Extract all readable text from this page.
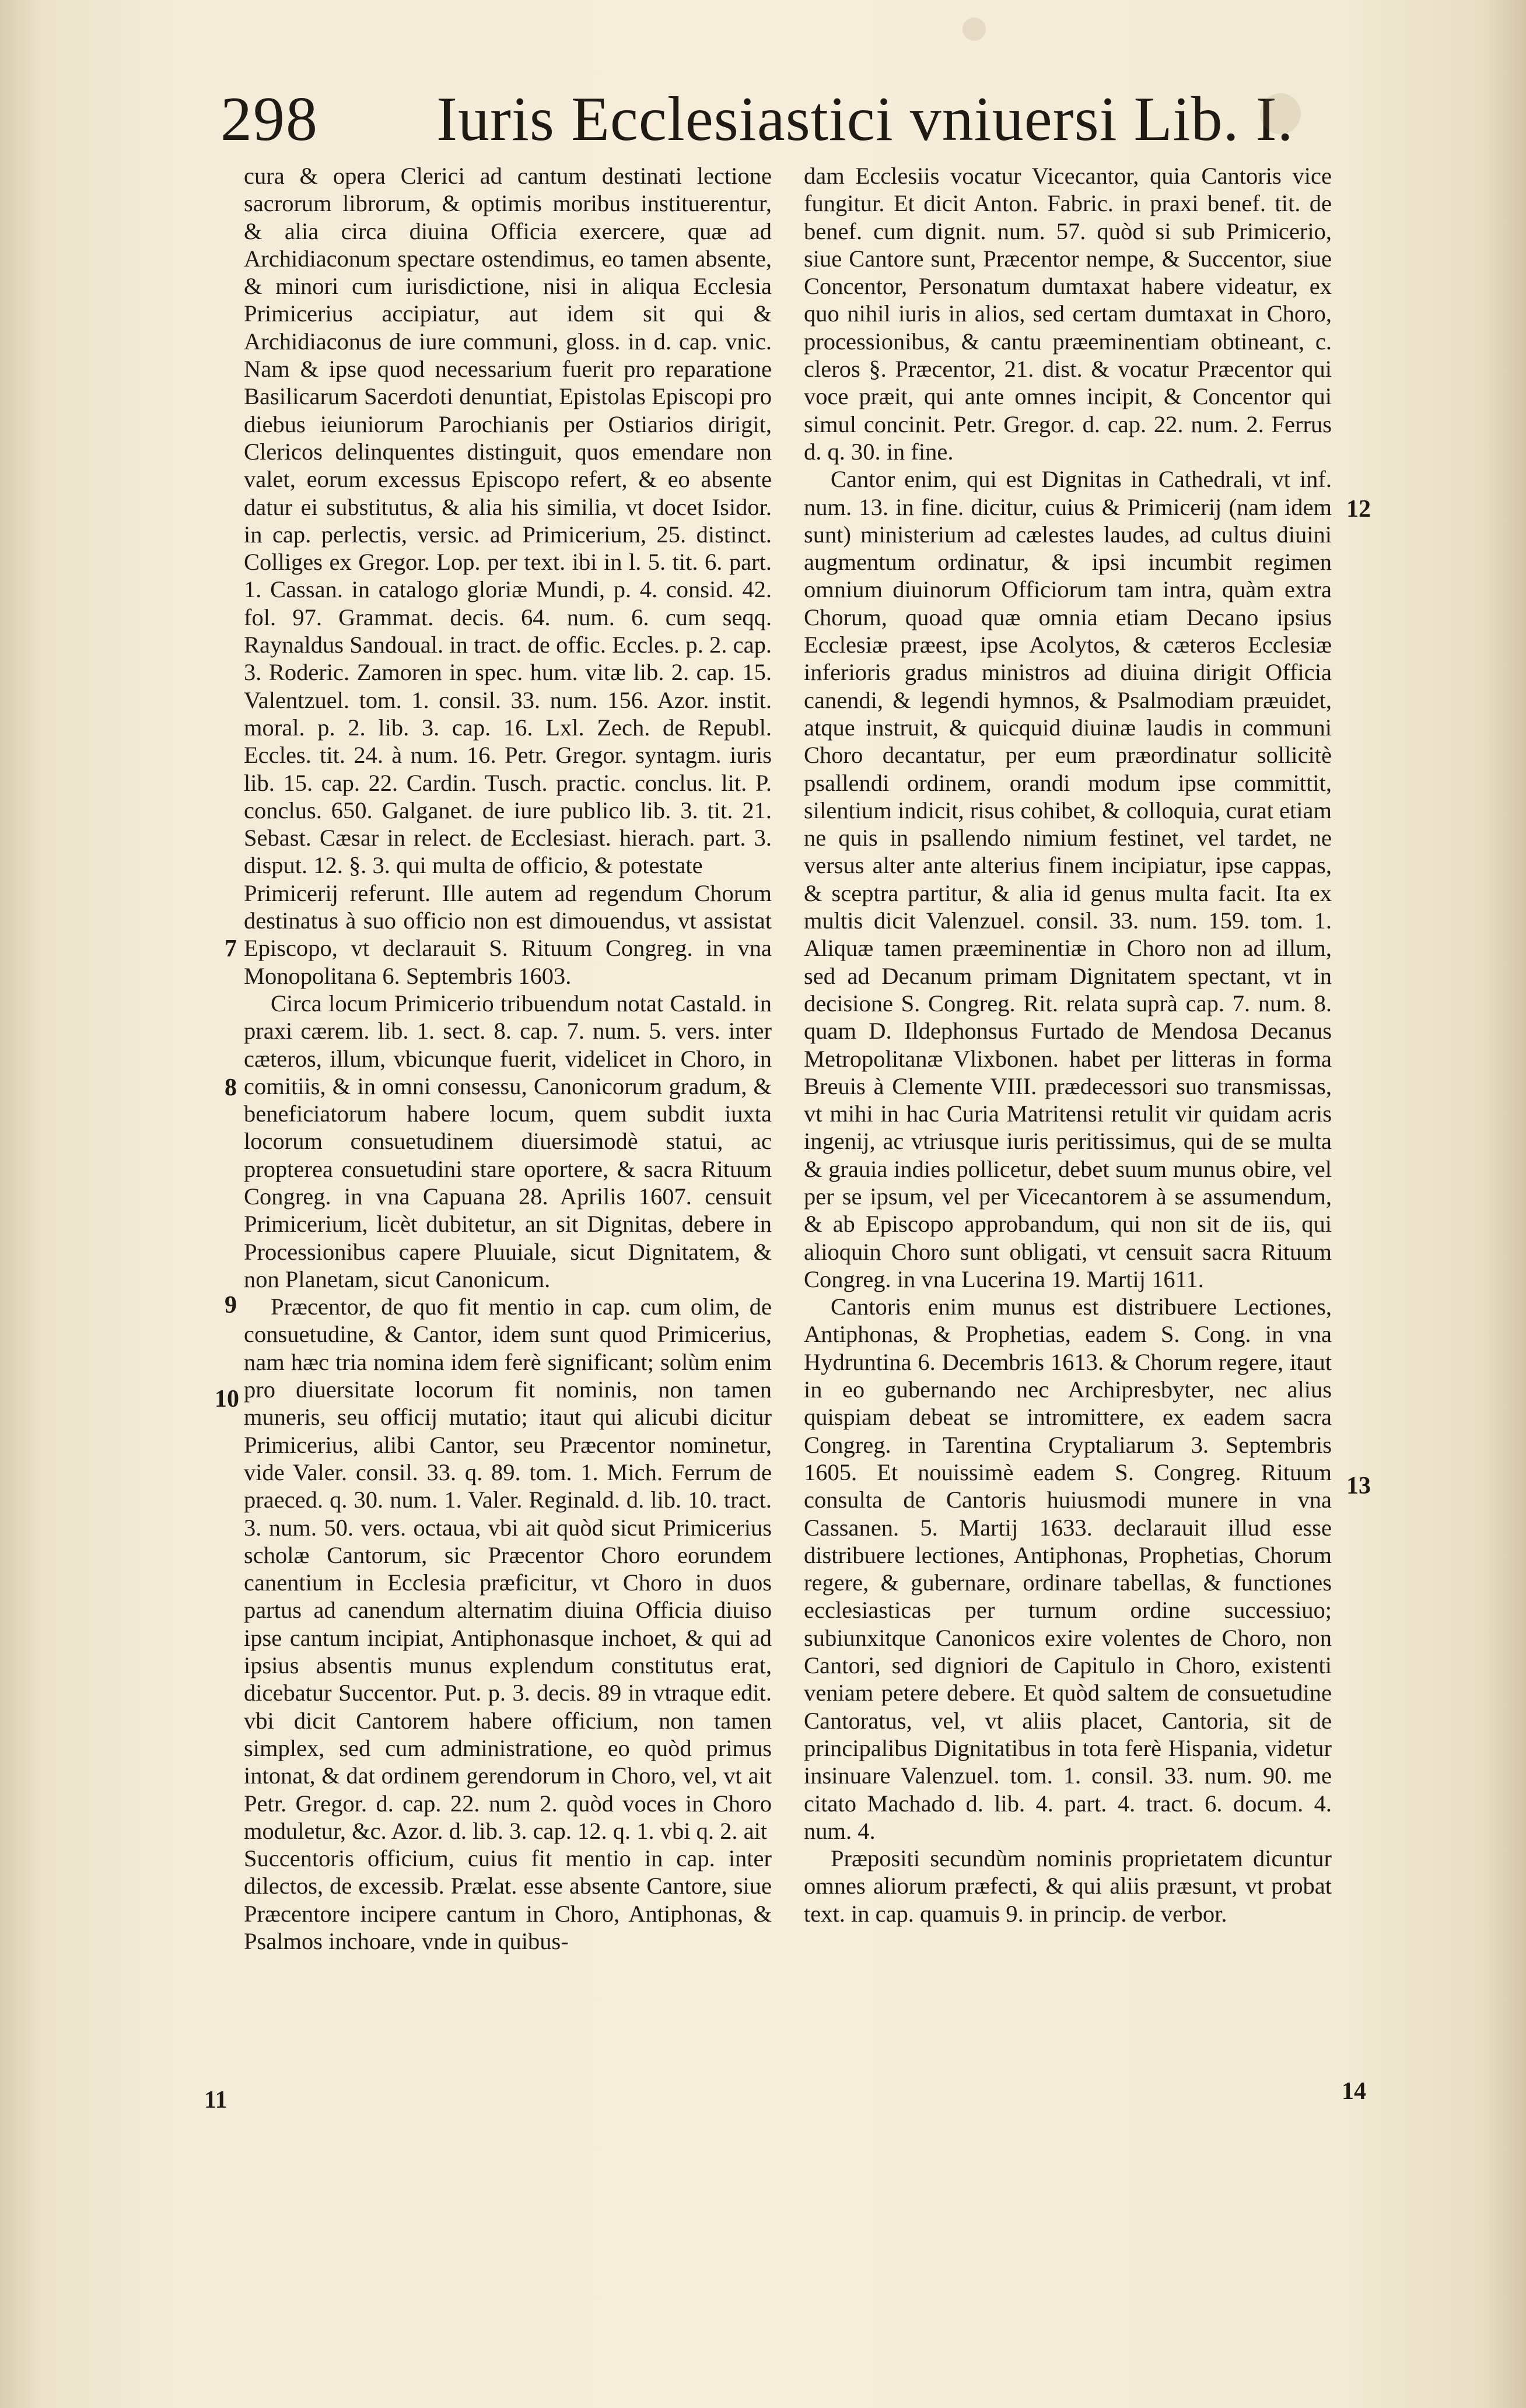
298 Iuris Ecclesiastici vniuersi Lib. I.

cura & opera Clerici ad cantum destinati lectione sacrorum librorum, & optimis moribus instituerentur, & alia circa diuina Officia exercere, quæ ad Archidiaconum spectare ostendimus, eo tamen absente, & minori cum iurisdictione, nisi in aliqua Ecclesia Primicerius accipiatur, aut idem sit qui & Archidiaconus de iure communi, gloss. in d. cap. vnic. Nam & ipse quod necessarium fuerit pro reparatione Basilicarum Sacerdoti denuntiat, Epistolas Episcopi pro diebus ieiuniorum Parochianis per Ostiarios dirigit, Clericos delinquentes distinguit, quos emendare non valet, eorum excessus Episcopo refert, & eo absente datur ei substitutus, & alia his similia, vt docet Isidor. in cap. perlectis, versic. ad Primicerium, 25. distinct. Colliges ex Gregor. Lop. per text. ibi in l. 5. tit. 6. part. 1. Cassan. in catalogo gloriæ Mundi, p. 4. consid. 42. fol. 97. Grammat. decis. 64. num. 6. cum seqq. Raynaldus Sandoual. in tract. de offic. Eccles. p. 2. cap. 3. Roderic. Zamoren in spec. hum. vitæ lib. 2. cap. 15. Valentzuel. tom. 1. consil. 33. num. 156. Azor. instit. moral. p. 2. lib. 3. cap. 16. Lxl. Zech. de Republ. Eccles. tit. 24. à num. 16. Petr. Gregor. syntagm. iuris lib. 15. cap. 22. Cardin. Tusch. practic. conclus. lit. P. conclus. 650. Galganet. de iure publico lib. 3. tit. 21. Sebast. Cæsar in relect. de Ecclesiast. hierach. part. 3. disput. 12. §. 3. qui multa de officio, & potestate

Primicerij referunt. Ille autem ad regendum Chorum destinatus à suo officio non est dimouendus, vt assistat Episcopo, vt declarauit S. Rituum Congreg. in vna Monopolitana 6. Septembris 1603.

Circa locum Primicerio tribuendum notat Castald. in praxi cærem. lib. 1. sect. 8. cap. 7. num. 5. vers. inter cæteros, illum, vbicunque fuerit, videlicet in Choro, in comitiis, & in omni consessu, Canonicorum gradum, & beneficiatorum habere locum, quem subdit iuxta locorum consuetudinem diuersimodè statui, ac propterea consuetudini stare oportere, & sacra Rituum Congreg. in vna Capuana 28. Aprilis 1607. censuit Primicerium, licèt dubitetur, an sit Dignitas, debere in Processionibus capere Pluuiale, sicut Dignitatem, & non Planetam, sicut Canonicum.

Præcentor, de quo fit mentio in cap. cum olim, de consuetudine, & Cantor, idem sunt quod Primicerius, nam hæc tria nomina idem ferè significant; solùm enim pro diuersitate locorum fit nominis, non tamen muneris, seu officij mutatio; itaut qui alicubi dicitur Primicerius, alibi Cantor, seu Præcentor nominetur, vide Valer. consil. 33. q. 89. tom. 1. Mich. Ferrum de praeced. q. 30. num. 1. Valer. Reginald. d. lib. 10. tract. 3. num. 50. vers. octaua, vbi ait quòd sicut Primicerius scholæ Cantorum, sic Præcentor Choro eorundem canentium in Ecclesia præficitur, vt Choro in duos partus ad canendum alternatim diuina Officia diuiso ipse cantum incipiat, Antiphonasque inchoet, & qui ad ipsius absentis munus explendum constitutus erat, dicebatur Succentor. Put. p. 3. decis. 89 in vtraque edit. vbi dicit Cantorem habere officium, non tamen simplex, sed cum administratione, eo quòd primus intonat, & dat ordinem gerendorum in Choro, vel, vt ait Petr. Gregor. d. cap. 22. num 2. quòd voces in Choro moduletur, &c. Azor. d. lib. 3. cap. 12. q. 1. vbi q. 2. ait

Succentoris officium, cuius fit mentio in cap. inter dilectos, de excessib. Prælat. esse absente Cantore, siue Præcentore incipere cantum in Choro, Antiphonas, & Psalmos inchoare, vnde in quibus-

dam Ecclesiis vocatur Vicecantor, quia Cantoris vice fungitur. Et dicit Anton. Fabric. in praxi benef. tit. de benef. cum dignit. num. 57. quòd si sub Primicerio, siue Cantore sunt, Præcentor nempe, & Succentor, siue Concentor, Personatum dumtaxat habere videatur, ex quo nihil iuris in alios, sed certam dumtaxat in Choro, processionibus, & cantu præeminentiam obtineant, c. cleros §. Præcentor, 21. dist. & vocatur Præcentor qui voce præit, qui ante omnes incipit, & Concentor qui simul concinit. Petr. Gregor. d. cap. 22. num. 2. Ferrus d. q. 30. in fine.

Cantor enim, qui est Dignitas in Cathedrali, vt inf. num. 13. in fine. dicitur, cuius & Primicerij (nam idem sunt) ministerium ad cælestes laudes, ad cultus diuini augmentum ordinatur, & ipsi incumbit regimen omnium diuinorum Officiorum tam intra, quàm extra Chorum, quoad quæ omnia etiam Decano ipsius Ecclesiæ præest, ipse Acolytos, & cæteros Ecclesiæ inferioris gradus ministros ad diuina dirigit Officia canendi, & legendi hymnos, & Psalmodiam præuidet, atque instruit, & quicquid diuinæ laudis in communi Choro decantatur, per eum præordinatur sollicitè psallendi ordinem, orandi modum ipse committit, silentium indicit, risus cohibet, & colloquia, curat etiam ne quis in psallendo nimium festinet, vel tardet, ne versus alter ante alterius finem incipiatur, ipse cappas, & sceptra partitur, & alia id genus multa facit. Ita ex multis dicit Valenzuel. consil. 33. num. 159. tom. 1. Aliquæ tamen præeminentiæ in Choro non ad illum, sed ad Decanum primam Dignitatem spectant, vt in decisione S. Congreg. Rit. relata suprà cap. 7. num. 8. quam D. Ildephonsus Furtado de Mendosa Decanus Metropolitanæ Vlixbonen. habet per litteras in forma Breuis à Clemente VIII. prædecessori suo transmissas, vt mihi in hac Curia Matritensi retulit vir quidam acris ingenij, ac vtriusque iuris peritissimus, qui de se multa & grauia indies pollicetur, debet suum munus obire, vel per se ipsum, vel per Vicecantorem à se assumendum, & ab Episcopo approbandum, qui non sit de iis, qui alioquin Choro sunt obligati, vt censuit sacra Rituum Congreg. in vna Lucerina 19. Martij 1611.

Cantoris enim munus est distribuere Lectiones, Antiphonas, & Prophetias, eadem S. Cong. in vna Hydruntina 6. Decembris 1613. & Chorum regere, itaut in eo gubernando nec Archipresbyter, nec alius quispiam debeat se intromittere, ex eadem sacra Congreg. in Tarentina Cryptaliarum 3. Septembris 1605. Et nouissimè eadem S. Congreg. Rituum consulta de Cantoris huiusmodi munere in vna Cassanen. 5. Martij 1633. declarauit illud esse distribuere lectiones, Antiphonas, Prophetias, Chorum regere, & gubernare, ordinare tabellas, & functiones ecclesiasticas per turnum ordine successiuo; subiunxitque Canonicos exire volentes de Choro, non Cantori, sed digniori de Capitulo in Choro, existenti veniam petere debere. Et quòd saltem de consuetudine Cantoratus, vel, vt aliis placet, Cantoria, sit de principalibus Dignitatibus in tota ferè Hispania, videtur insinuare Valenzuel. tom. 1. consil. 33. num. 90. me citato Machado d. lib. 4. part. 4. tract. 6. docum. 4. num. 4.

Præpositi secundùm nominis proprietatem dicuntur omnes aliorum præfecti, & qui aliis præsunt, vt probat text. in cap. quamuis 9. in princip. de verbor.

7
8
9
10
11
12
13
14
